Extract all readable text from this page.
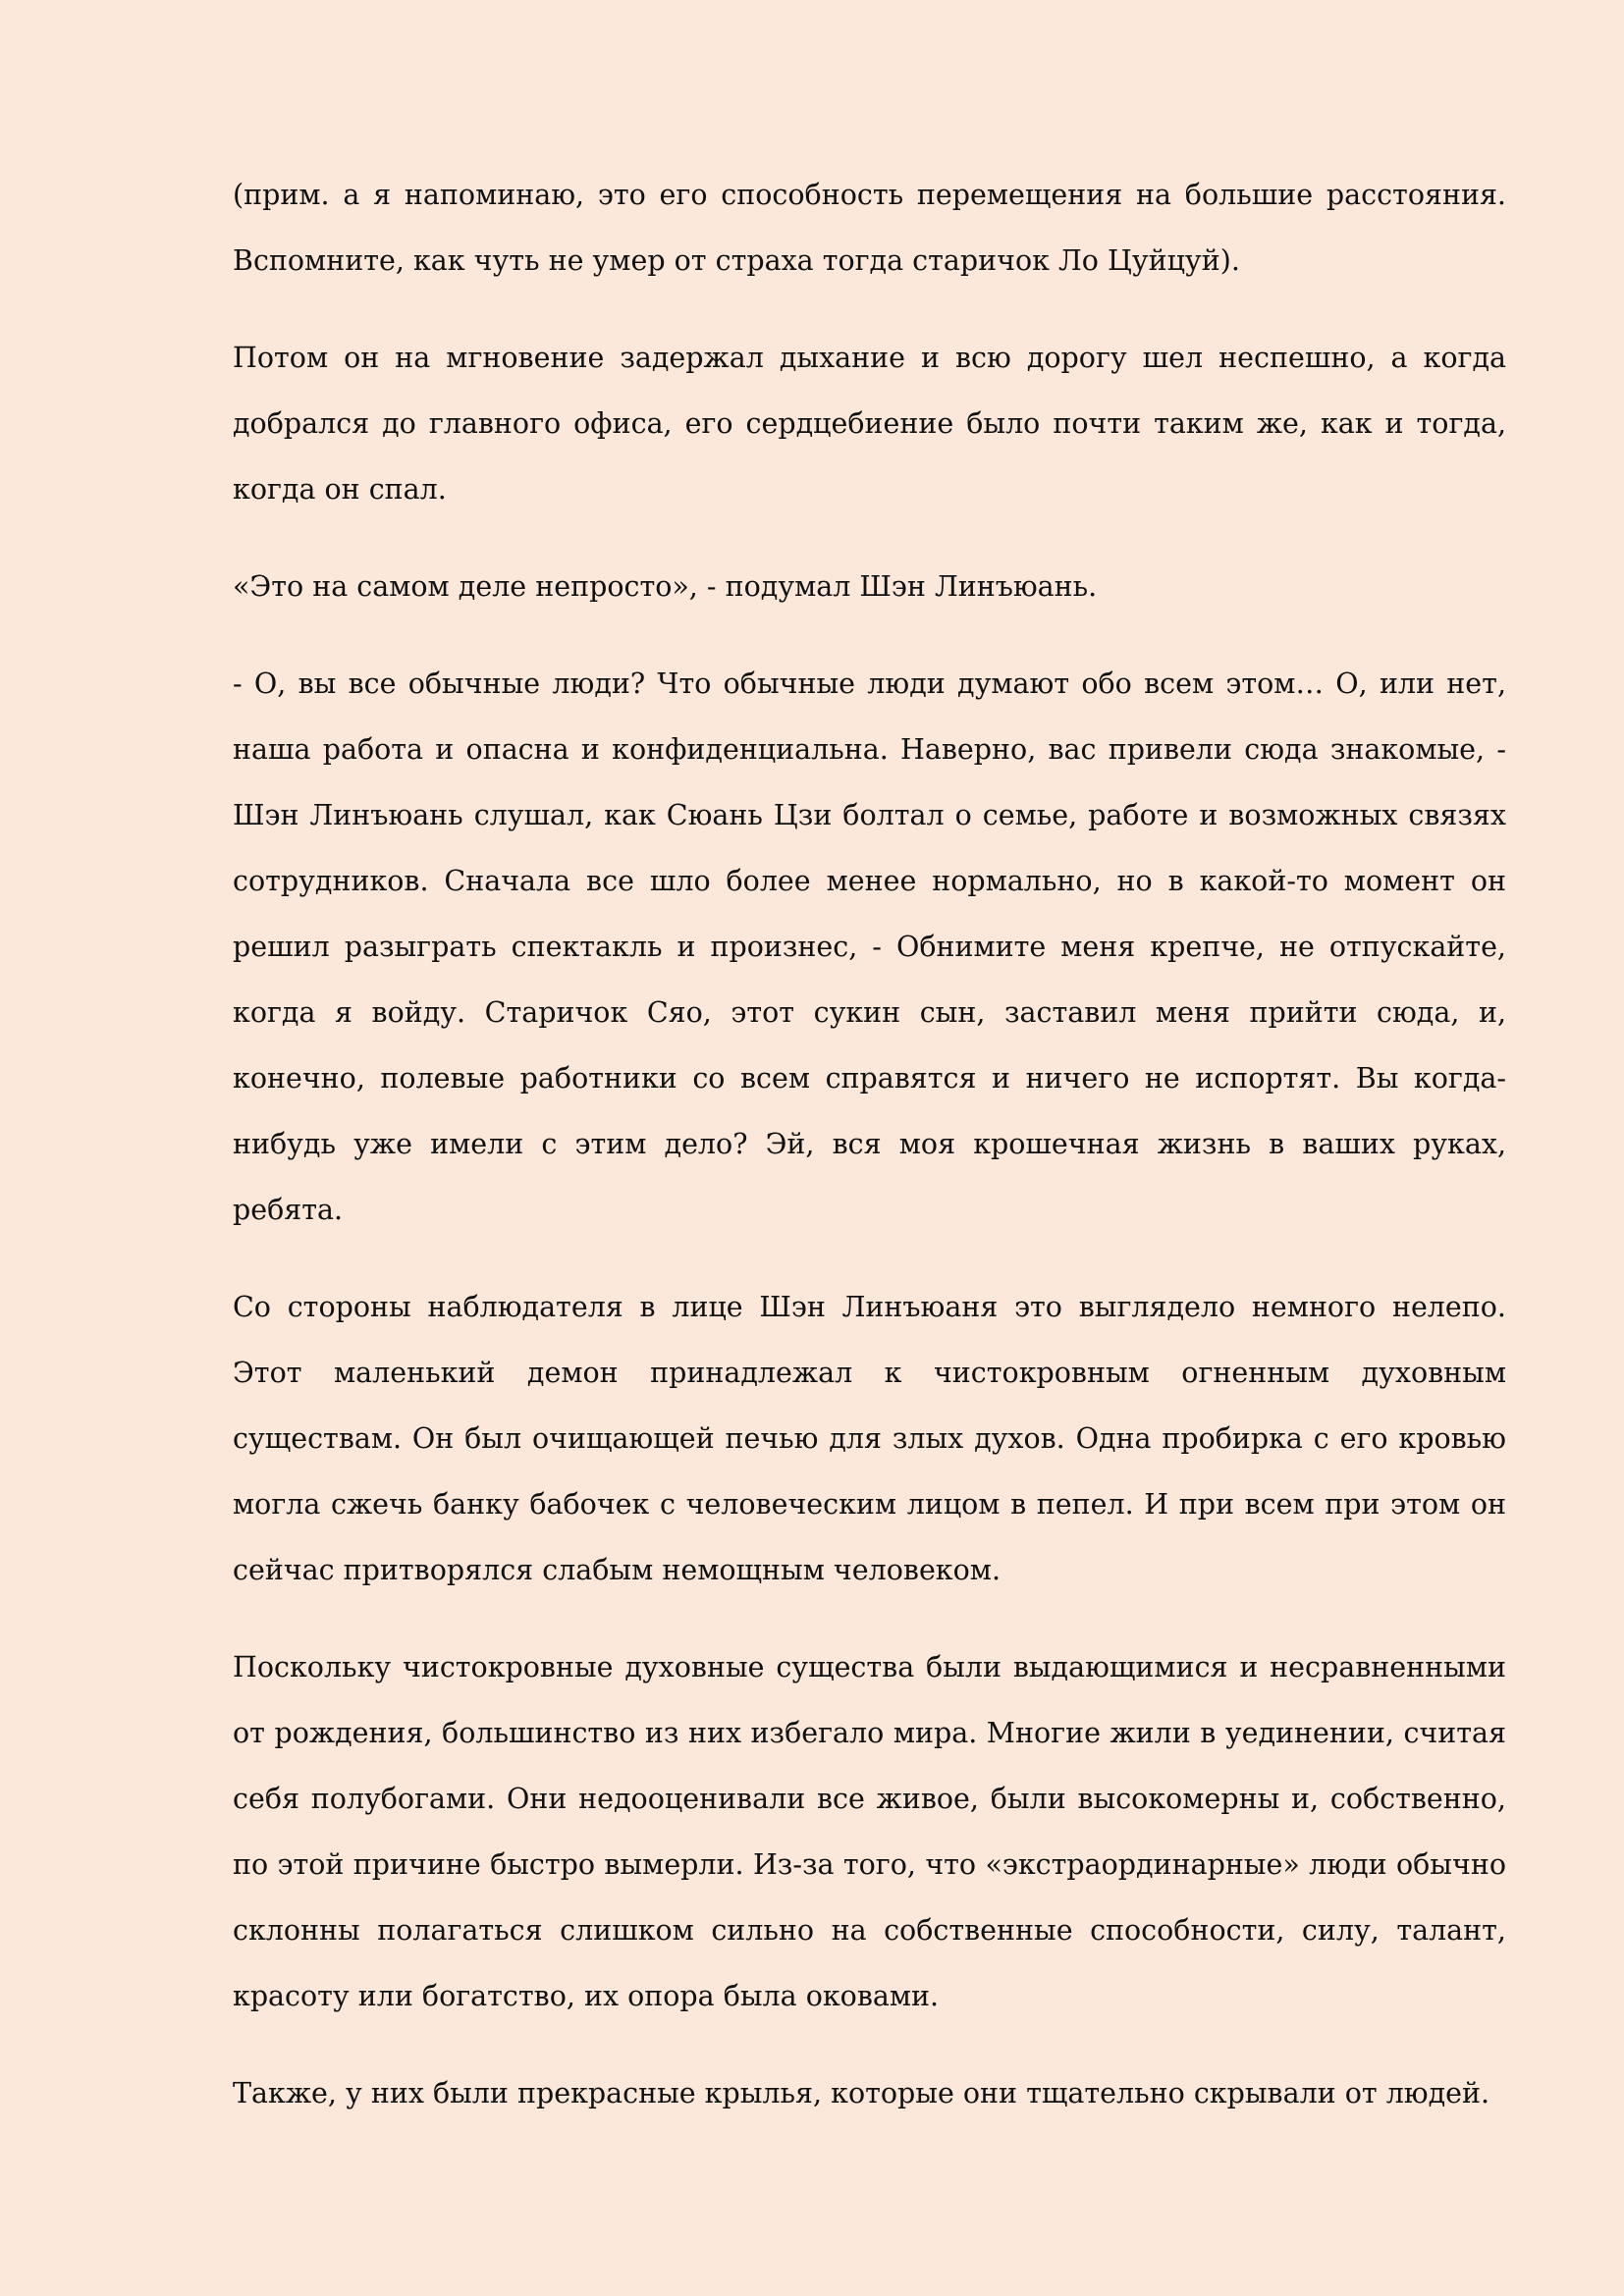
(прим. а я напоминаю, это его способность перемещения на большие расстояния. Вспомните, как чуть не умер от страха тогда старичок Ло Цуйцуй).

Потом он на мгновение задержал дыхание и всю дорогу шел неспешно, а когда добрался до главного офиса, его сердцебиение было почти таким же, как и тогда, когда он спал.

«Это на самом деле непросто», - подумал Шэн Линъюань.

- О, вы все обычные люди? Что обычные люди думают обо всем этом… О, или нет, наша работа и опасна и конфиденциальна. Наверно, вас привели сюда знакомые, - Шэн Линъюань слушал, как Сюань Цзи болтал о семье, работе и возможных связях сотрудников. Сначала все шло более менее нормально, но в какой-то момент он решил разыграть спектакль и произнес, - Обнимите меня крепче, не отпускайте, когда я войду. Старичок Сяо, этот сукин сын, заставил меня прийти сюда, и, конечно, полевые работники со всем справятся и ничего не испортят. Вы когда-нибудь уже имели с этим дело? Эй, вся моя крошечная жизнь в ваших руках, ребята.

Со стороны наблюдателя в лице Шэн Линъюаня это выглядело немного нелепо. Этот маленький демон принадлежал к чистокровным огненным духовным существам. Он был очищающей печью для злых духов. Одна пробирка с его кровью могла сжечь банку бабочек с человеческим лицом в пепел. И при всем при этом он сейчас притворялся слабым немощным человеком.

Поскольку чистокровные духовные существа были выдающимися и несравненными от рождения, большинство из них избегало мира. Многие жили в уединении, считая себя полубогами. Они недооценивали все живое, были высокомерны и, собственно, по этой причине быстро вымерли. Из-за того, что «экстраординарные» люди обычно склонны полагаться слишком сильно на собственные способности, силу, талант, красоту или богатство, их опора была оковами.

Также, у них были прекрасные крылья, которые они тщательно скрывали от людей.
